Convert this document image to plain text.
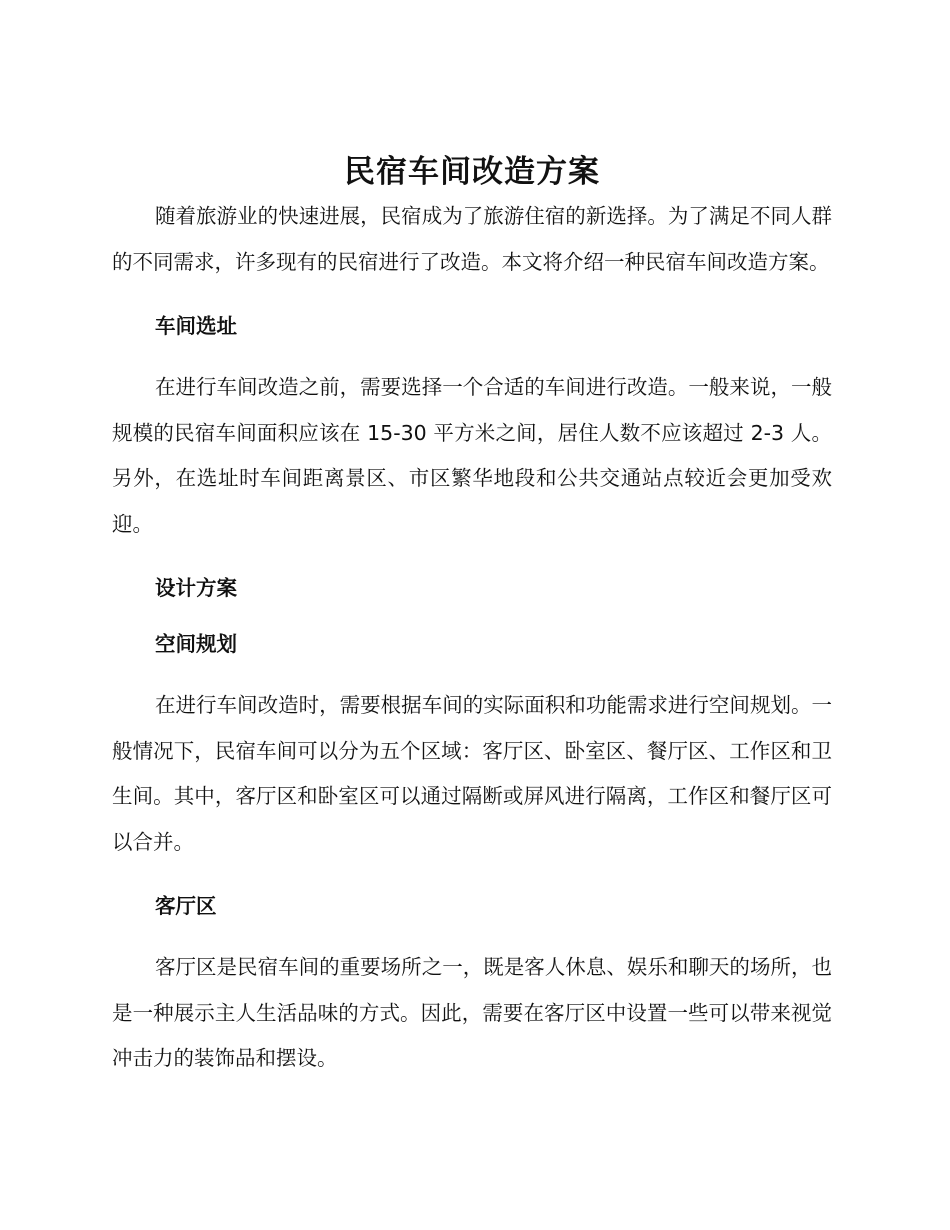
民宿车间改造方案

随着旅游业的快速进展，民宿成为了旅游住宿的新选择。为了满足不同人群的不同需求，许多现有的民宿进行了改造。本文将介绍一种民宿车间改造方案。

车间选址

在进行车间改造之前，需要选择一个合适的车间进行改造。一般来说，一般规模的民宿车间面积应该在 15-30 平方米之间，居住人数不应该超过 2-3 人。另外，在选址时车间距离景区、市区繁华地段和公共交通站点较近会更加受欢迎。

设计方案
空间规划

在进行车间改造时，需要根据车间的实际面积和功能需求进行空间规划。一般情况下，民宿车间可以分为五个区域：客厅区、卧室区、餐厅区、工作区和卫生间。其中，客厅区和卧室区可以通过隔断或屏风进行隔离，工作区和餐厅区可以合并。

客厅区

客厅区是民宿车间的重要场所之一，既是客人休息、娱乐和聊天的场所，也是一种展示主人生活品味的方式。因此，需要在客厅区中设置一些可以带来视觉冲击力的装饰品和摆设。
